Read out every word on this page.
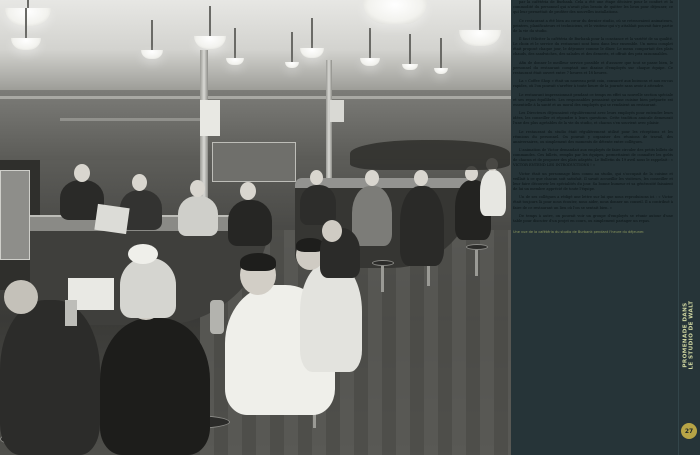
par la cafétéria de Burbank. Cela a été une étape décisive pour le confort et la commodité du personnel qui n'avait plus besoin de quitter les lieux pour déjeuner, ce qui leur permettait de profiter des nouvelles installations.

Ce restaurant a été bien au cœur du dernier studio, où se retrouvaient animateurs, peintres, planificateurs et techniciens, et le visiteur qui s'y attablait pouvait faire partie de la vie du studio.

Il faut féliciter la cafétéria de Burbank pour la constance et la variété de sa qualité. Le choix et le service du restaurant sont bons dans leur ensemble. Un menu complet était proposé chaque jour, le déjeuner comme le dîner. Le menu comportait des plats chauds, des sandwiches, des salades et des desserts, et offrait des prix raisonnables.

Afin de donner le meilleur service possible et d'assurer que tout se passe bien, le personnel du restaurant comptait une dizaine d'employés sur chaque équipe. Ce restaurant était ouvert entre 7 heures et 18 heures.

La « Coffee Shop » était un nouveau petit coin, consacré aux boissons et aux en-cas rapides, où l'on pouvait s'arrêter à toute heure de la journée sans avoir à attendre.

Le restaurant impressionnait pendant ce temps en effet sa nouvelle section spéciale et ses repas équilibrés. Les responsables pensaient qu'une cuisine bien préparée est essentielle à la santé et au moral des employés qui se rendaient au restaurant.

Les Directeurs déjeunaient régulièrement avec leurs employés pour entendre leurs idées, les conseiller et répondre à leurs questions. Cette tradition amicale demeurait l'une des plus agréables de la vie du studio, et chacun s'en souvient avec plaisir.

Le restaurant du studio était régulièrement utilisé pour les réceptions et les réunions du personnel. On pouvait y organiser des réunions de travail, des anniversaires, ou simplement des moments de détente entre collègues.

L'animation de Victor demandait aux employés de faire circuler des petits billets de commandes. Ces billets, remplis par les équipes, permettaient de connaître les goûts de chacun et de proposer des plats adaptés. Le Bulletin du 19 avril nous le rappelait : « VICTOR ENTEND LES INTRODUCTIONS ! »

Victor était un personnage bien connu au studio, qui s'occupait de la cuisine et veillait à ce que chacun soit satisfait. Il savait accueillir les visiteurs, les conseiller et leur faire découvrir les spécialités du jour. Sa bonne humeur et sa générosité faisaient de lui un membre apprécié de toute l'équipe.

Un de ses collègues a rédigé une lettre sur lui que nous reproduisons ici : « Victor était toujours là pour nous écouter, nous aider, nous donner un conseil. Il a contribué à faire de ce restaurant un lieu où l'on se sentait bien. »

De temps à autre, on pouvait voir un groupe d'employés se réunir autour d'une table pour discuter d'un projet en cours, ou simplement partager un repas.

Une vue de la cafétéria du studio de Burbank pendant l'heure du déjeuner.

PROMENADE DANS LE STUDIO DE WALT
27
